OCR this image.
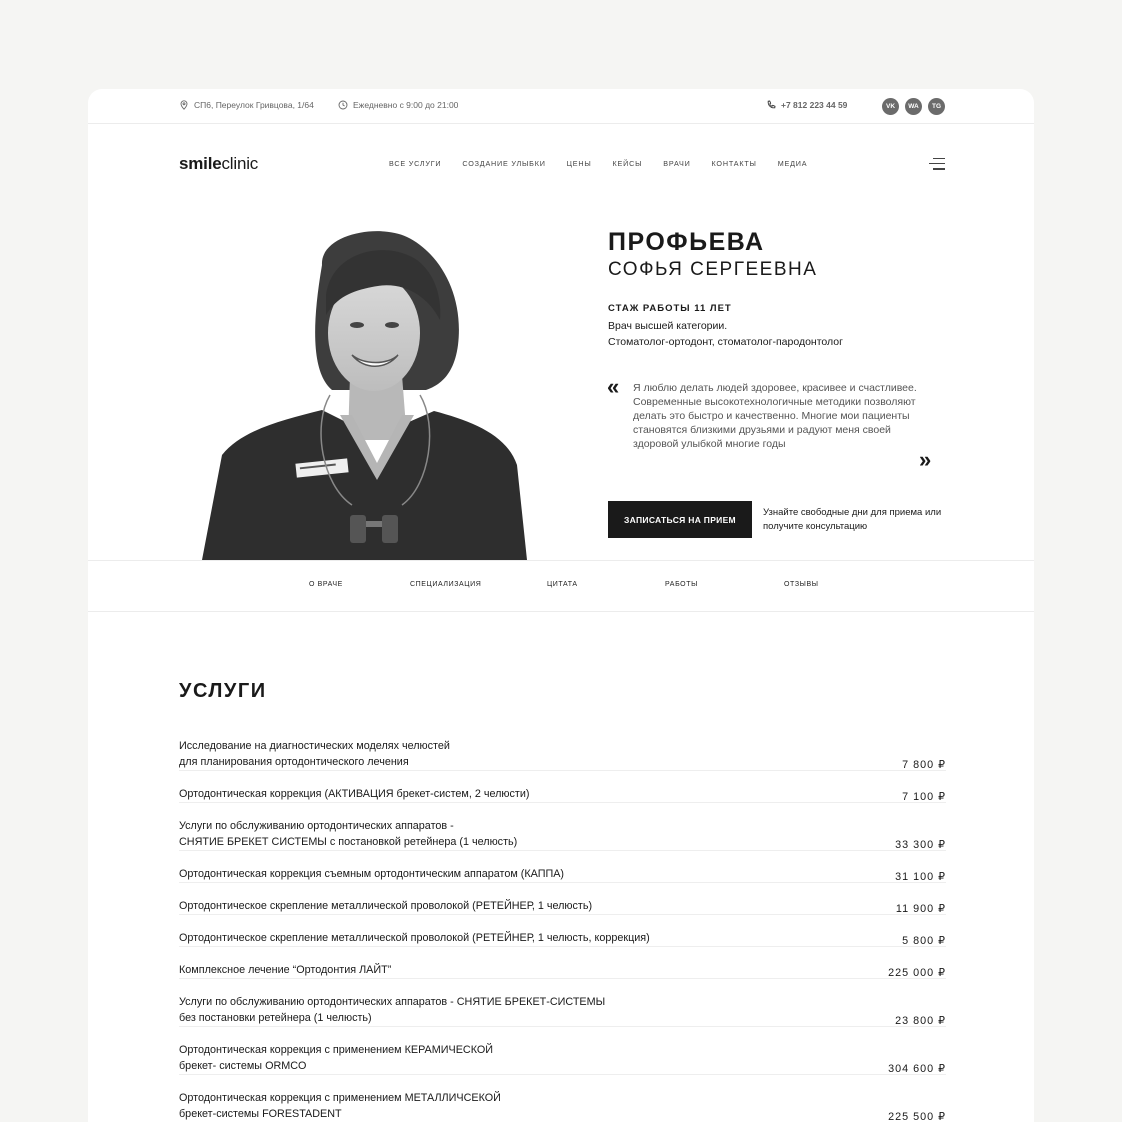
СП6, Переулок Гривцова, 1/64	Ежедневно с 9:00 до 21:00	+7 812 223 44 59	VK	WA	TG
smileclinic	ВСЕ УСЛУГИ	СОЗДАНИЕ УЛЫБКИ	ЦЕНЫ	КЕЙСЫ	ВРАЧИ	КОНТАКТЫ	МЕДИА
ПРОФЬЕВА
СОФЬЯ СЕРГЕЕВНА
СТАЖ РАБОТЫ 11 ЛЕТ
Врач высшей категории.
Стоматолог-ортодонт, стоматолог-пародонтолог
« Я люблю делать людей здоровее, красивее и счастливее. Современные высокотехнологичные методики позволяют делать это быстро и качественно. Многие мои пациенты становятся близкими друзьями и радуют меня своей здоровой улыбкой многие годы
»
ЗАПИСАТЬСЯ НА ПРИЕМ
Узнайте свободные дни для приема или получите консультацию
О ВРАЧЕ	СПЕЦИАЛИЗАЦИЯ	ЦИТАТА	РАБОТЫ	ОТЗЫВЫ
УСЛУГИ
Исследование на диагностических моделях челюстей
для планирования ортодонтического лечения	7 800 ₽
Ортодонтическая коррекция (АКТИВАЦИЯ брекет-систем, 2 челюсти)	7 100 ₽
Услуги по обслуживанию ортодонтических аппаратов -
СНЯТИЕ БРЕКЕТ СИСТЕМЫ с постановкой ретейнера (1 челюсть)	33 300 ₽
Ортодонтическая коррекция съемным ортодонтическим аппаратом (КАППА)	31 100 ₽
Ортодонтическое скрепление металлической проволокой (РЕТЕЙНЕР, 1 челюсть)	11 900 ₽
Ортодонтическое скрепление металлической проволокой (РЕТЕЙНЕР, 1 челюсть, коррекция)	5 800 ₽
Комплексное лечение “Ортодонтия ЛАЙТ”	225 000 ₽
Услуги по обслуживанию ортодонтических аппаратов - СНЯТИЕ БРЕКЕТ-СИСТЕМЫ
без постановки ретейнера (1 челюсть)	23 800 ₽
Ортодонтическая коррекция с применением КЕРАМИЧЕСКОЙ
брекет- системы ORMCO	304 600 ₽
Ортодонтическая коррекция с применением МЕТАЛЛИЧСЕКОЙ
брекет-системы FORESTADENT	225 500 ₽
